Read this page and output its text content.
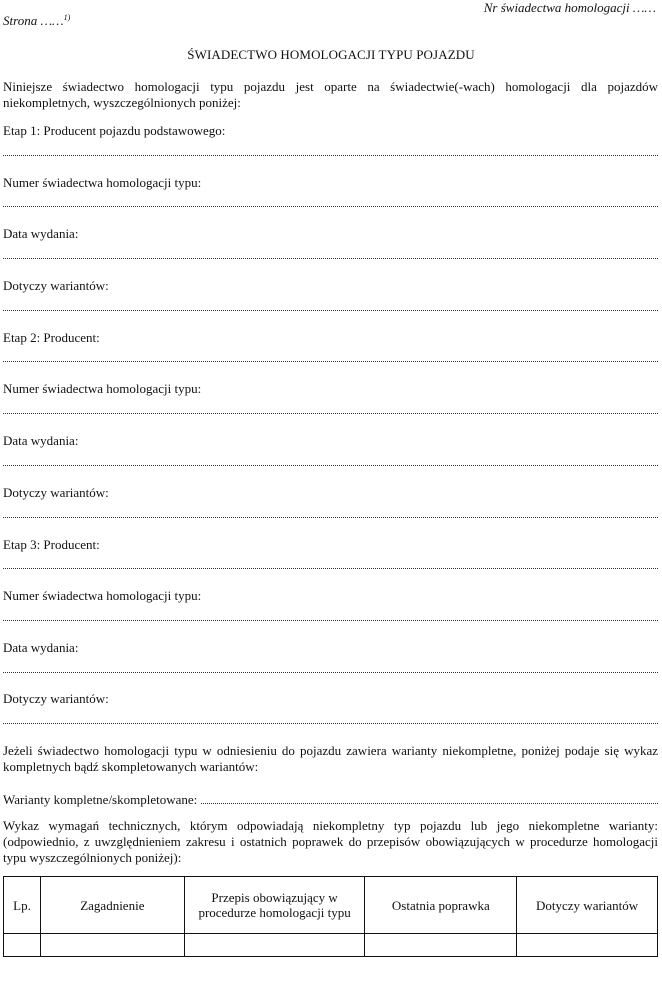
Nr świadectwa homologacji ……
Strona ……$^{1)}$
ŚWIADECTWO HOMOLOGACJI TYPU POJAZDU
Niniejsze świadectwo homologacji typu pojazdu jest oparte na świadectwie(-wach) homologacji dla pojazdów niekompletnych, wyszczególnionych poniżej:
Etap 1: Producent pojazdu podstawowego:
Numer świadectwa homologacji typu:
Data wydania:
Dotyczy wariantów:
Etap 2: Producent:
Numer świadectwa homologacji typu:
Data wydania:
Dotyczy wariantów:
Etap 3: Producent:
Numer świadectwa homologacji typu:
Data wydania:
Dotyczy wariantów:
Jeżeli świadectwo homologacji typu w odniesieniu do pojazdu zawiera warianty niekompletne, poniżej podaje się wykaz kompletnych bądź skompletowanych wariantów:
Warianty kompletne/skompletowane:
Wykaz wymagań technicznych, którym odpowiadają niekompletny typ pojazdu lub jego niekompletne warianty: (odpowiednio, z uwzględnieniem zakresu i ostatnich poprawek do przepisów obowiązujących w procedurze homologacji typu wyszczególnionych poniżej):
Lp.	Zagadnienie	Przepis obowiązujący w procedurze homologacji typu	Ostatnia poprawka	Dotyczy wariantów
